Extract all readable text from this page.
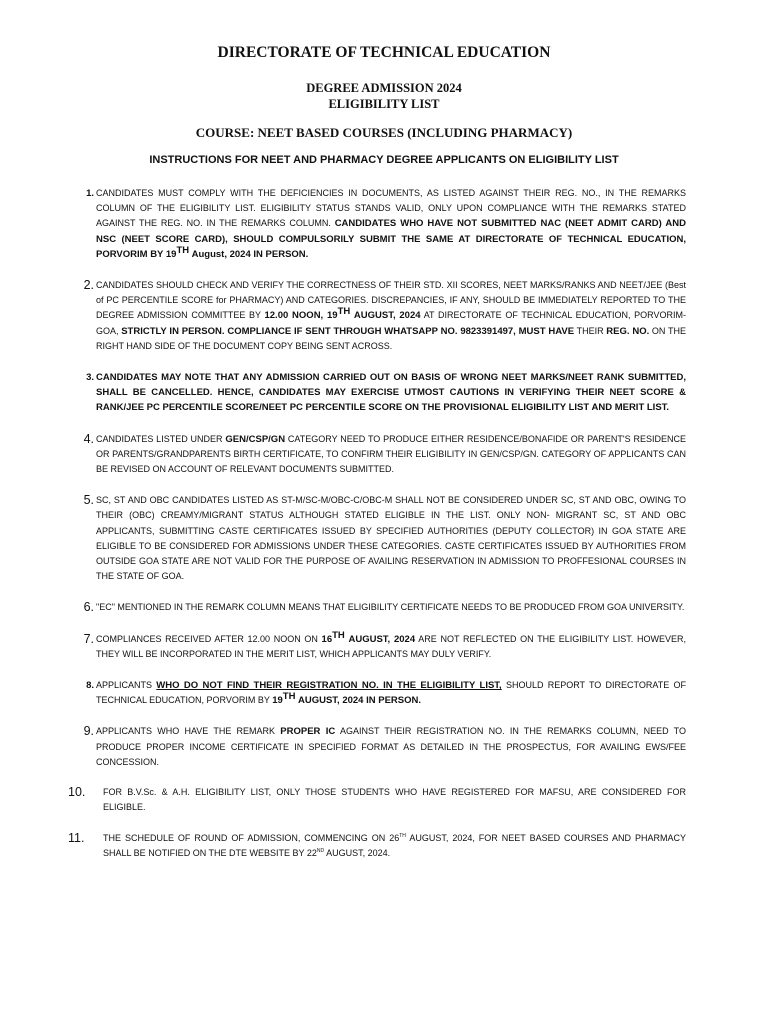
DIRECTORATE OF TECHNICAL EDUCATION
DEGREE ADMISSION 2024
ELIGIBILITY LIST
COURSE: NEET BASED COURSES (INCLUDING PHARMACY)
INSTRUCTIONS FOR NEET AND PHARMACY DEGREE APPLICANTS ON ELIGIBILITY LIST
1. CANDIDATES MUST COMPLY WITH THE DEFICIENCIES IN DOCUMENTS, AS LISTED AGAINST THEIR REG. NO., IN THE REMARKS COLUMN OF THE ELIGIBILITY LIST. ELIGIBILITY STATUS STANDS VALID, ONLY UPON COMPLIANCE WITH THE REMARKS STATED AGAINST THE REG. NO. IN THE REMARKS COLUMN. CANDIDATES WHO HAVE NOT SUBMITTED NAC (NEET ADMIT CARD) AND NSC (NEET SCORE CARD), SHOULD COMPULSORILY SUBMIT THE SAME AT DIRECTORATE OF TECHNICAL EDUCATION, PORVORIM BY 19TH August, 2024 IN PERSON.
2. CANDIDATES SHOULD CHECK AND VERIFY THE CORRECTNESS OF THEIR STD. XII SCORES, NEET MARKS/RANKS AND NEET/JEE (Best of PC PERCENTILE SCORE for PHARMACY) AND CATEGORIES. DISCREPANCIES, IF ANY, SHOULD BE IMMEDIATELY REPORTED TO THE DEGREE ADMISSION COMMITTEE BY 12.00 NOON, 19TH AUGUST, 2024 AT DIRECTORATE OF TECHNICAL EDUCATION, PORVORIM-GOA, STRICTLY IN PERSON. COMPLIANCE IF SENT THROUGH WHATSAPP NO. 9823391497, MUST HAVE THEIR REG. NO. ON THE RIGHT HAND SIDE OF THE DOCUMENT COPY BEING SENT ACROSS.
3. CANDIDATES MAY NOTE THAT ANY ADMISSION CARRIED OUT ON BASIS OF WRONG NEET MARKS/NEET RANK SUBMITTED, SHALL BE CANCELLED. HENCE, CANDIDATES MAY EXERCISE UTMOST CAUTIONS IN VERIFYING THEIR NEET SCORE & RANK/JEE PC PERCENTILE SCORE/NEET PC PERCENTILE SCORE ON THE PROVISIONAL ELIGIBILITY LIST AND MERIT LIST.
4. CANDIDATES LISTED UNDER GEN/CSP/GN CATEGORY NEED TO PRODUCE EITHER RESIDENCE/BONAFIDE OR PARENT'S RESIDENCE OR PARENTS/GRANDPARENTS BIRTH CERTIFICATE, TO CONFIRM THEIR ELIGIBILITY IN GEN/CSP/GN. CATEGORY OF APPLICANTS CAN BE REVISED ON ACCOUNT OF RELEVANT DOCUMENTS SUBMITTED.
5. SC, ST AND OBC CANDIDATES LISTED AS ST-M/SC-M/OBC-C/OBC-M SHALL NOT BE CONSIDERED UNDER SC, ST AND OBC, OWING TO THEIR (OBC) CREAMY/MIGRANT STATUS ALTHOUGH STATED ELIGIBLE IN THE LIST. ONLY NON- MIGRANT SC, ST AND OBC APPLICANTS, SUBMITTING CASTE CERTIFICATES ISSUED BY SPECIFIED AUTHORITIES (DEPUTY COLLECTOR) IN GOA STATE ARE ELIGIBLE TO BE CONSIDERED FOR ADMISSIONS UNDER THESE CATEGORIES. CASTE CERTIFICATES ISSUED BY AUTHORITIES FROM OUTSIDE GOA STATE ARE NOT VALID FOR THE PURPOSE OF AVAILING RESERVATION IN ADMISSION TO PROFFESIONAL COURSES IN THE STATE OF GOA.
6. "EC" MENTIONED IN THE REMARK COLUMN MEANS THAT ELIGIBILITY CERTIFICATE NEEDS TO BE PRODUCED FROM GOA UNIVERSITY.
7. COMPLIANCES RECEIVED AFTER 12.00 NOON ON 16TH AUGUST, 2024 ARE NOT REFLECTED ON THE ELIGIBILITY LIST. HOWEVER, THEY WILL BE INCORPORATED IN THE MERIT LIST, WHICH APPLICANTS MAY DULY VERIFY.
8. APPLICANTS WHO DO NOT FIND THEIR REGISTRATION NO. IN THE ELIGIBILITY LIST, SHOULD REPORT TO DIRECTORATE OF TECHNICAL EDUCATION, PORVORIM BY 19TH AUGUST, 2024 IN PERSON.
9. APPLICANTS WHO HAVE THE REMARK PROPER IC AGAINST THEIR REGISTRATION NO. IN THE REMARKS COLUMN, NEED TO PRODUCE PROPER INCOME CERTIFICATE IN SPECIFIED FORMAT AS DETAILED IN THE PROSPECTUS, FOR AVAILING EWS/FEE CONCESSION.
10.	FOR B.V.Sc. & A.H. ELIGIBILITY LIST, ONLY THOSE STUDENTS WHO HAVE REGISTERED FOR MAFSU, ARE CONSIDERED FOR ELIGIBLE.
11.	THE SCHEDULE OF ROUND OF ADMISSION, COMMENCING ON 26TH AUGUST, 2024, FOR NEET BASED COURSES AND PHARMACY SHALL BE NOTIFIED ON THE DTE WEBSITE BY 22ND AUGUST, 2024.
